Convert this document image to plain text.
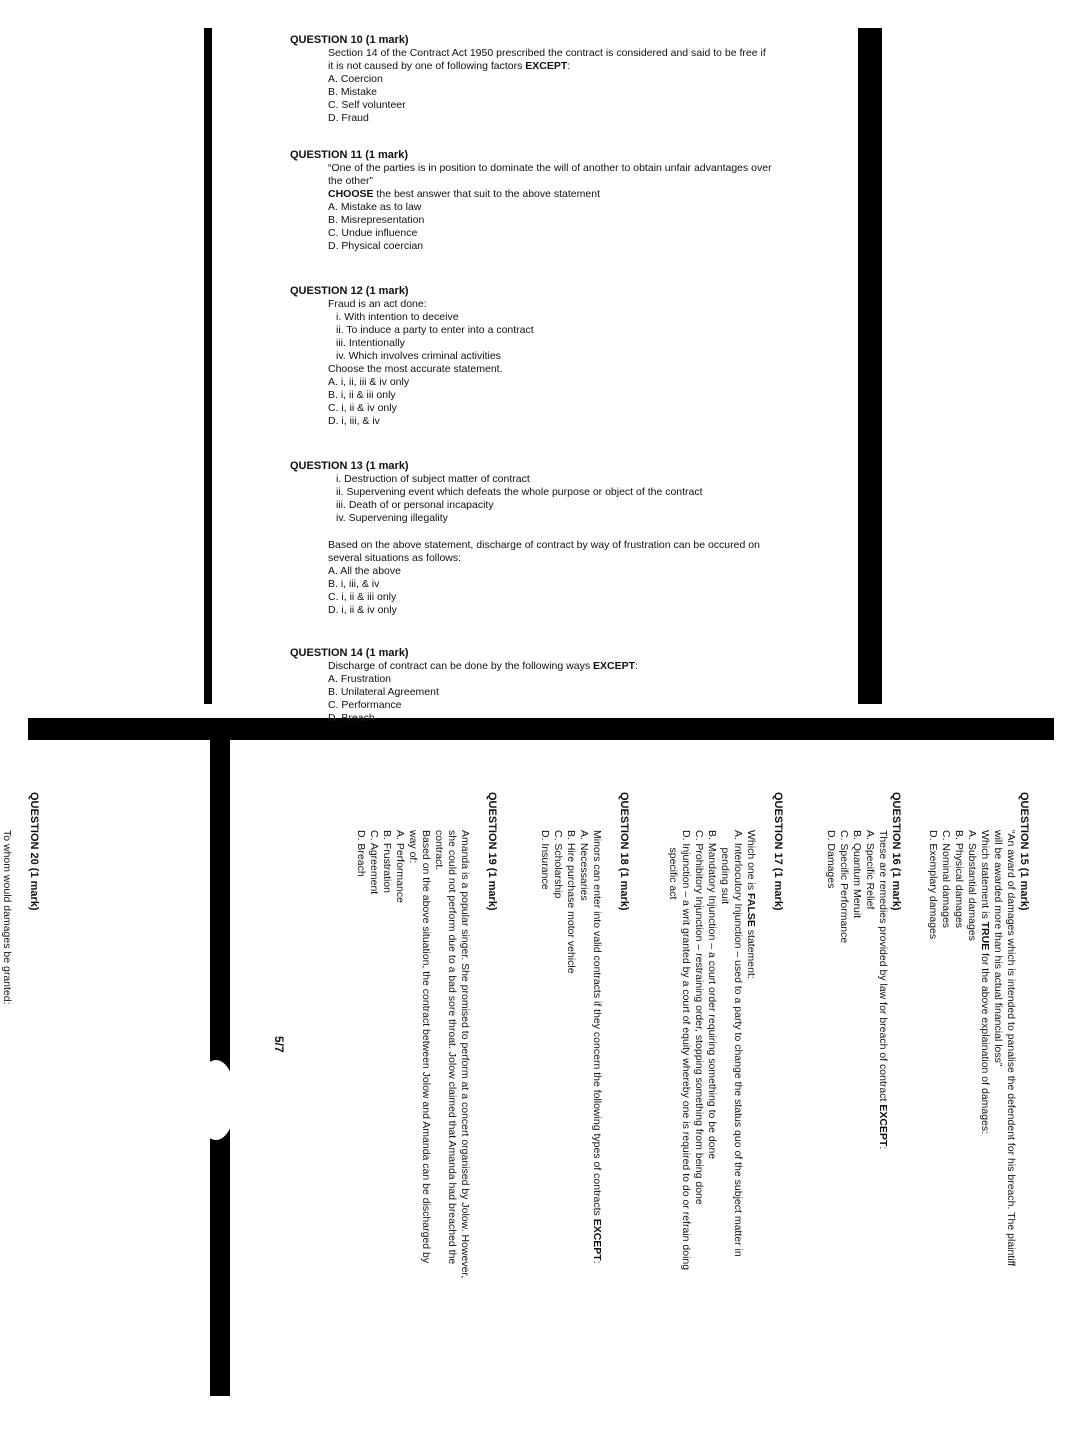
QUESTION 10 (1 mark)
Section 14 of the Contract Act 1950 prescribed the contract is considered and said to be free if
it is not caused by one of following factors EXCEPT:
A. Coercion
B. Mistake
C. Self volunteer
D. Fraud
QUESTION 11 (1 mark)
“One of the parties is in position to dominate the will of another to obtain unfair advantages over
the other”
CHOOSE the best answer that suit to the above statement
A. Mistake as to law
B. Misrepresentation
C. Undue influence
D. Physical coercian
QUESTION 12 (1 mark)
Fraud is an act done:
i. With intention to deceive
ii. To induce a party to enter into a contract
iii. Intentionally
iv. Which involves criminal activities
Choose the most accurate statement.
A. i, ii, iii & iv only
B. i, ii & iii only
C. i, ii & iv only
D. i, iii, & iv
QUESTION 13 (1 mark)
i. Destruction of subject matter of contract
ii. Supervening event which defeats the whole purpose or object of the contract
iii. Death of or personal incapacity
iv. Supervening illegality
Based on the above statement, discharge of contract by way of frustration can be occured on
several situations as follows:
A. All the above
B. i, iii, & iv
C. i, ii & iii only
D. i, ii & iv only
QUESTION 14 (1 mark)
Discharge of contract can be done by the following ways EXCEPT:
A. Frustration
B. Unilateral Agreement
C. Performance
D. Breach
QUESTION 15 (1 mark)
“An award of damages which is intended to panalise the defendent for his breach. The plaintiff
will be awarded more than his actual financial loss”
Which statement is TRUE for the above explaination of damages:
A. Substantial damages
B. Physical damages
C. Nominal damages
D. Exemplary damages
QUESTION 16 (1 mark)
These are remedies provided by law for breach of contract EXCEPT:
A. Specific Relief
B. Quantum Meruit
C. Specific Performance
D. Damages
QUESTION 17 (1 mark)
Which one is FALSE statement:
A. Interlocutory Injunction – used to a party to change the status quo of the subject matter in
pending suit
B. Mandatory Injunction – a court order requiring something to be done
C. Prohibitory Injunction – restraining order, stopping something from being done
D. Injunction – a writ granted by a court of equity whereby one is required to do or refrain doing
specific act
QUESTION 18 (1 mark)
Minors can enter into valid contracts if they concern the following types of contracts EXCEPT:
A. Necessaries
B. Hire purchase motor vehicle
C. Scholarship
D. Insurance
QUESTION 19 (1 mark)
Amanda is a popular singer. She promised to perform at a concert organised by Jolow. However,
she could not perform due to a bad sore throat. Jolow claimed that Amanda had breached the
contract.
Based on the above situation, the contract between Jolow and Amanda can be discharged by
way of:
A. Performance
B. Frustration
C. Agreement
D. Breach
5/7
QUESTION 20 (1 mark)
To whom would damages be granted:
